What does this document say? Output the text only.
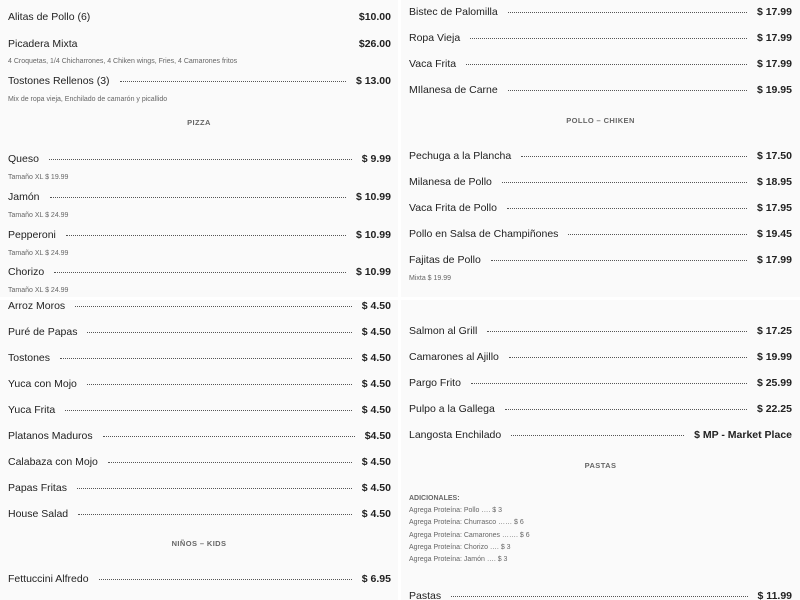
Alitas de Pollo (6)	$10.00
Picadera Mixta	$26.00
4 Croquetas, 1/4 Chicharrones, 4 Chiken wings, Fries, 4 Camarones fritos
Tostones Rellenos (3)	$ 13.00
Mix de ropa vieja, Enchilado de camarón y picallido
PIZZA
Queso	$ 9.99
Tamaño XL $ 19.99
Jamón	$ 10.99
Tamaño XL $ 24.99
Pepperoni	$ 10.99
Tamaño XL $ 24.99
Chorizo	$ 10.99
Tamaño XL $ 24.99
Bistec de Palomilla	$ 17.99
Ropa Vieja	$ 17.99
Vaca Frita	$ 17.99
MIlanesa de Carne	$ 19.95
POLLO – CHIKEN
Pechuga a la Plancha	$ 17.50
Milanesa de Pollo	$ 18.95
Vaca Frita de Pollo	$ 17.95
Pollo en Salsa de Champiñones	$ 19.45
Fajitas de Pollo	$ 17.99
Mixta $ 19.99
Arroz Moros	$ 4.50
Puré de Papas	$ 4.50
Tostones	$ 4.50
Yuca con Mojo	$ 4.50
Yuca Frita	$ 4.50
Platanos Maduros	$4.50
Calabaza con Mojo	$ 4.50
Papas Fritas	$ 4.50
House Salad	$ 4.50
NIÑOS – KIDS
Fettuccini Alfredo	$ 6.95
Salmon al Grill	$ 17.25
Camarones al Ajillo	$ 19.99
Pargo Frito	$ 25.99
Pulpo a la Gallega	$ 22.25
Langosta Enchilado	$ MP - Market Place
PASTAS
ADICIONALES:
Agrega Proteína: Pollo …. $ 3
Agrega Proteína: Churrasco …… $ 6
Agrega Proteína: Camarones ……. $ 6
Agrega Proteína: Chorizo …. $ 3
Agrega Proteína: Jamón …. $ 3
Pastas	$ 11.99
